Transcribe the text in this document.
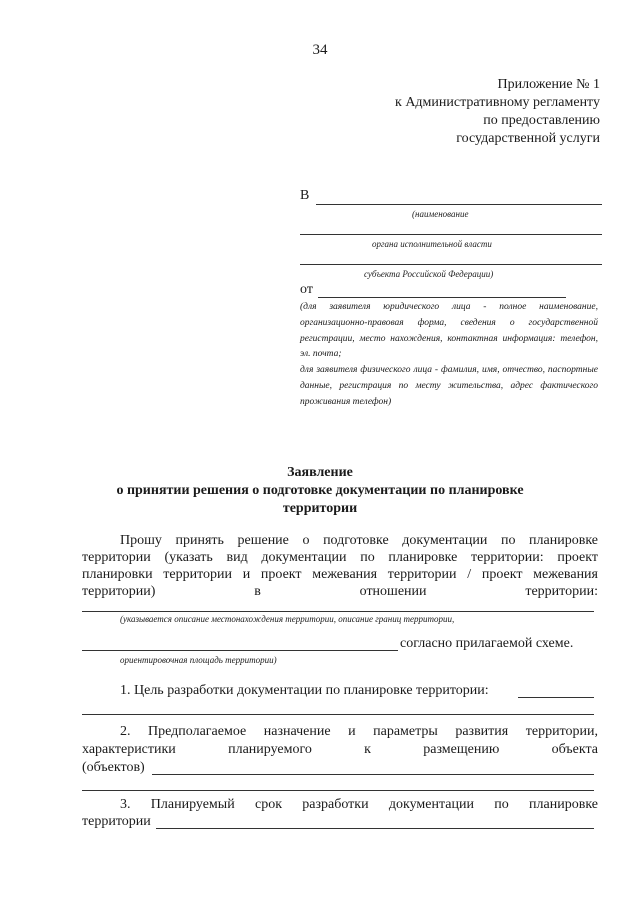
34
Приложение № 1
к Административному регламенту
по предоставлению
государственной услуги
В
(наименование
органа исполнительной власти
субъекта Российской Федерации)
от
(для заявителя юридического лица - полное наименование, организационно-правовая форма, сведения о государственной регистрации, место нахождения, контактная информация: телефон, эл. почта;
для заявителя физического лица - фамилия, имя, отчество, паспортные данные, регистрация по месту жительства, адрес фактического проживания телефон)
Заявление
о принятии решения о подготовке документации по планировке
территории
Прошу принять решение о подготовке документации по планировке
территории (указать вид документации по планировке территории: проект
планировки территории и проект межевания территории / проект межевания
территории)	в	отношении	территории:
(указывается описание местонахождения территории, описание границ территории,
согласно прилагаемой схеме.
ориентировочная площадь территории)
1. Цель разработки документации по планировке территории:
2. Предполагаемое назначение и параметры развития территории,
характеристики	планируемого	к	размещению	объекта
(объектов)
3. Планируемый срок разработки документации по планировке
территории
